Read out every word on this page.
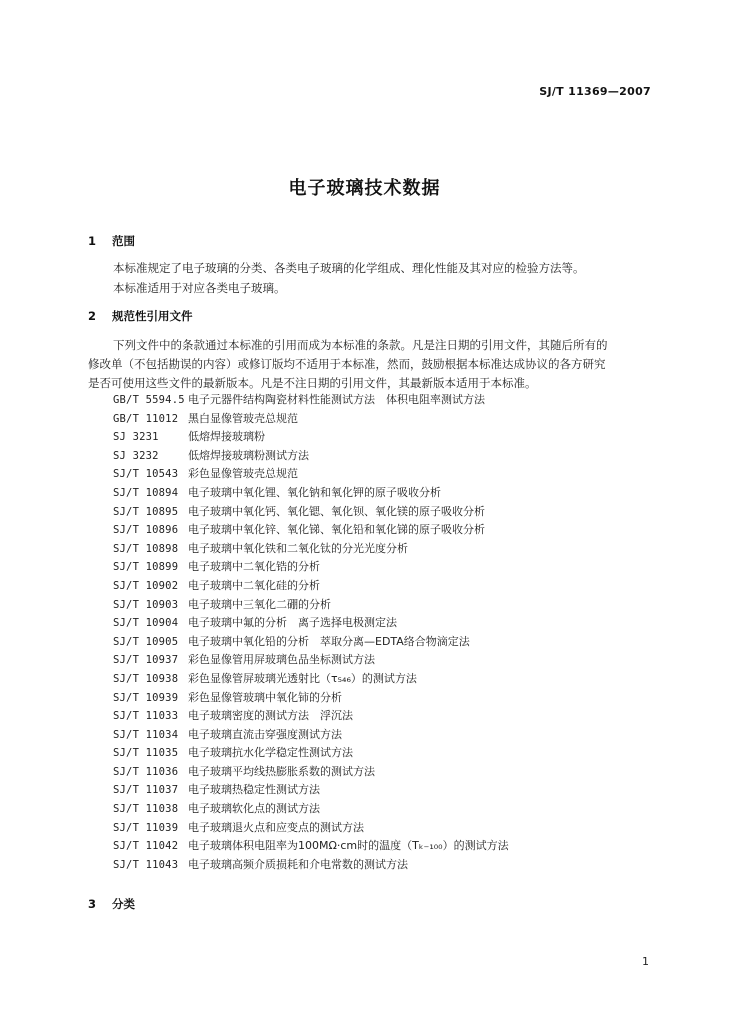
SJ/T 11369—2007
电子玻璃技术数据
1 范围
本标准规定了电子玻璃的分类、各类电子玻璃的化学组成、理化性能及其对应的检验方法等。
本标准适用于对应各类电子玻璃。
2 规范性引用文件
下列文件中的条款通过本标准的引用而成为本标准的条款。凡是注日期的引用文件，其随后所有的
修改单（不包括勘误的内容）或修订版均不适用于本标准，然而，鼓励根据本标准达成协议的各方研究
是否可使用这些文件的最新版本。凡是不注日期的引用文件，其最新版本适用于本标准。
GB/T 5594.5 电子元器件结构陶瓷材料性能测试方法　体积电阻率测试方法
GB/T 11012 黑白显像管玻壳总规范
SJ 3231	低熔焊接玻璃粉
SJ 3232	低熔焊接玻璃粉测试方法
SJ/T 10543 彩色显像管玻壳总规范
SJ/T 10894 电子玻璃中氧化锂、氧化钠和氧化钾的原子吸收分析
SJ/T 10895 电子玻璃中氧化钙、氧化锶、氧化钡、氧化镁的原子吸收分析
SJ/T 10896 电子玻璃中氧化锌、氧化锑、氧化铅和氧化锑的原子吸收分析
SJ/T 10898 电子玻璃中氧化铁和二氧化钛的分光光度分析
SJ/T 10899 电子玻璃中二氧化锆的分析
SJ/T 10902 电子玻璃中二氧化硅的分析
SJ/T 10903 电子玻璃中三氧化二硼的分析
SJ/T 10904 电子玻璃中氟的分析　离子选择电极测定法
SJ/T 10905 电子玻璃中氧化铅的分析　萃取分离—EDTA络合物滴定法
SJ/T 10937 彩色显像管用屏玻璃色品坐标测试方法
SJ/T 10938 彩色显像管屏玻璃光透射比（τ₅₄₆）的测试方法
SJ/T 10939 彩色显像管玻璃中氧化铈的分析
SJ/T 11033 电子玻璃密度的测试方法　浮沉法
SJ/T 11034 电子玻璃直流击穿强度测试方法
SJ/T 11035 电子玻璃抗水化学稳定性测试方法
SJ/T 11036 电子玻璃平均线热膨胀系数的测试方法
SJ/T 11037 电子玻璃热稳定性测试方法
SJ/T 11038 电子玻璃软化点的测试方法
SJ/T 11039 电子玻璃退火点和应变点的测试方法
SJ/T 11042 电子玻璃体积电阻率为100MΩ·cm时的温度（Tₖ₋₁₀₀）的测试方法
SJ/T 11043 电子玻璃高频介质损耗和介电常数的测试方法
3 分类
1
